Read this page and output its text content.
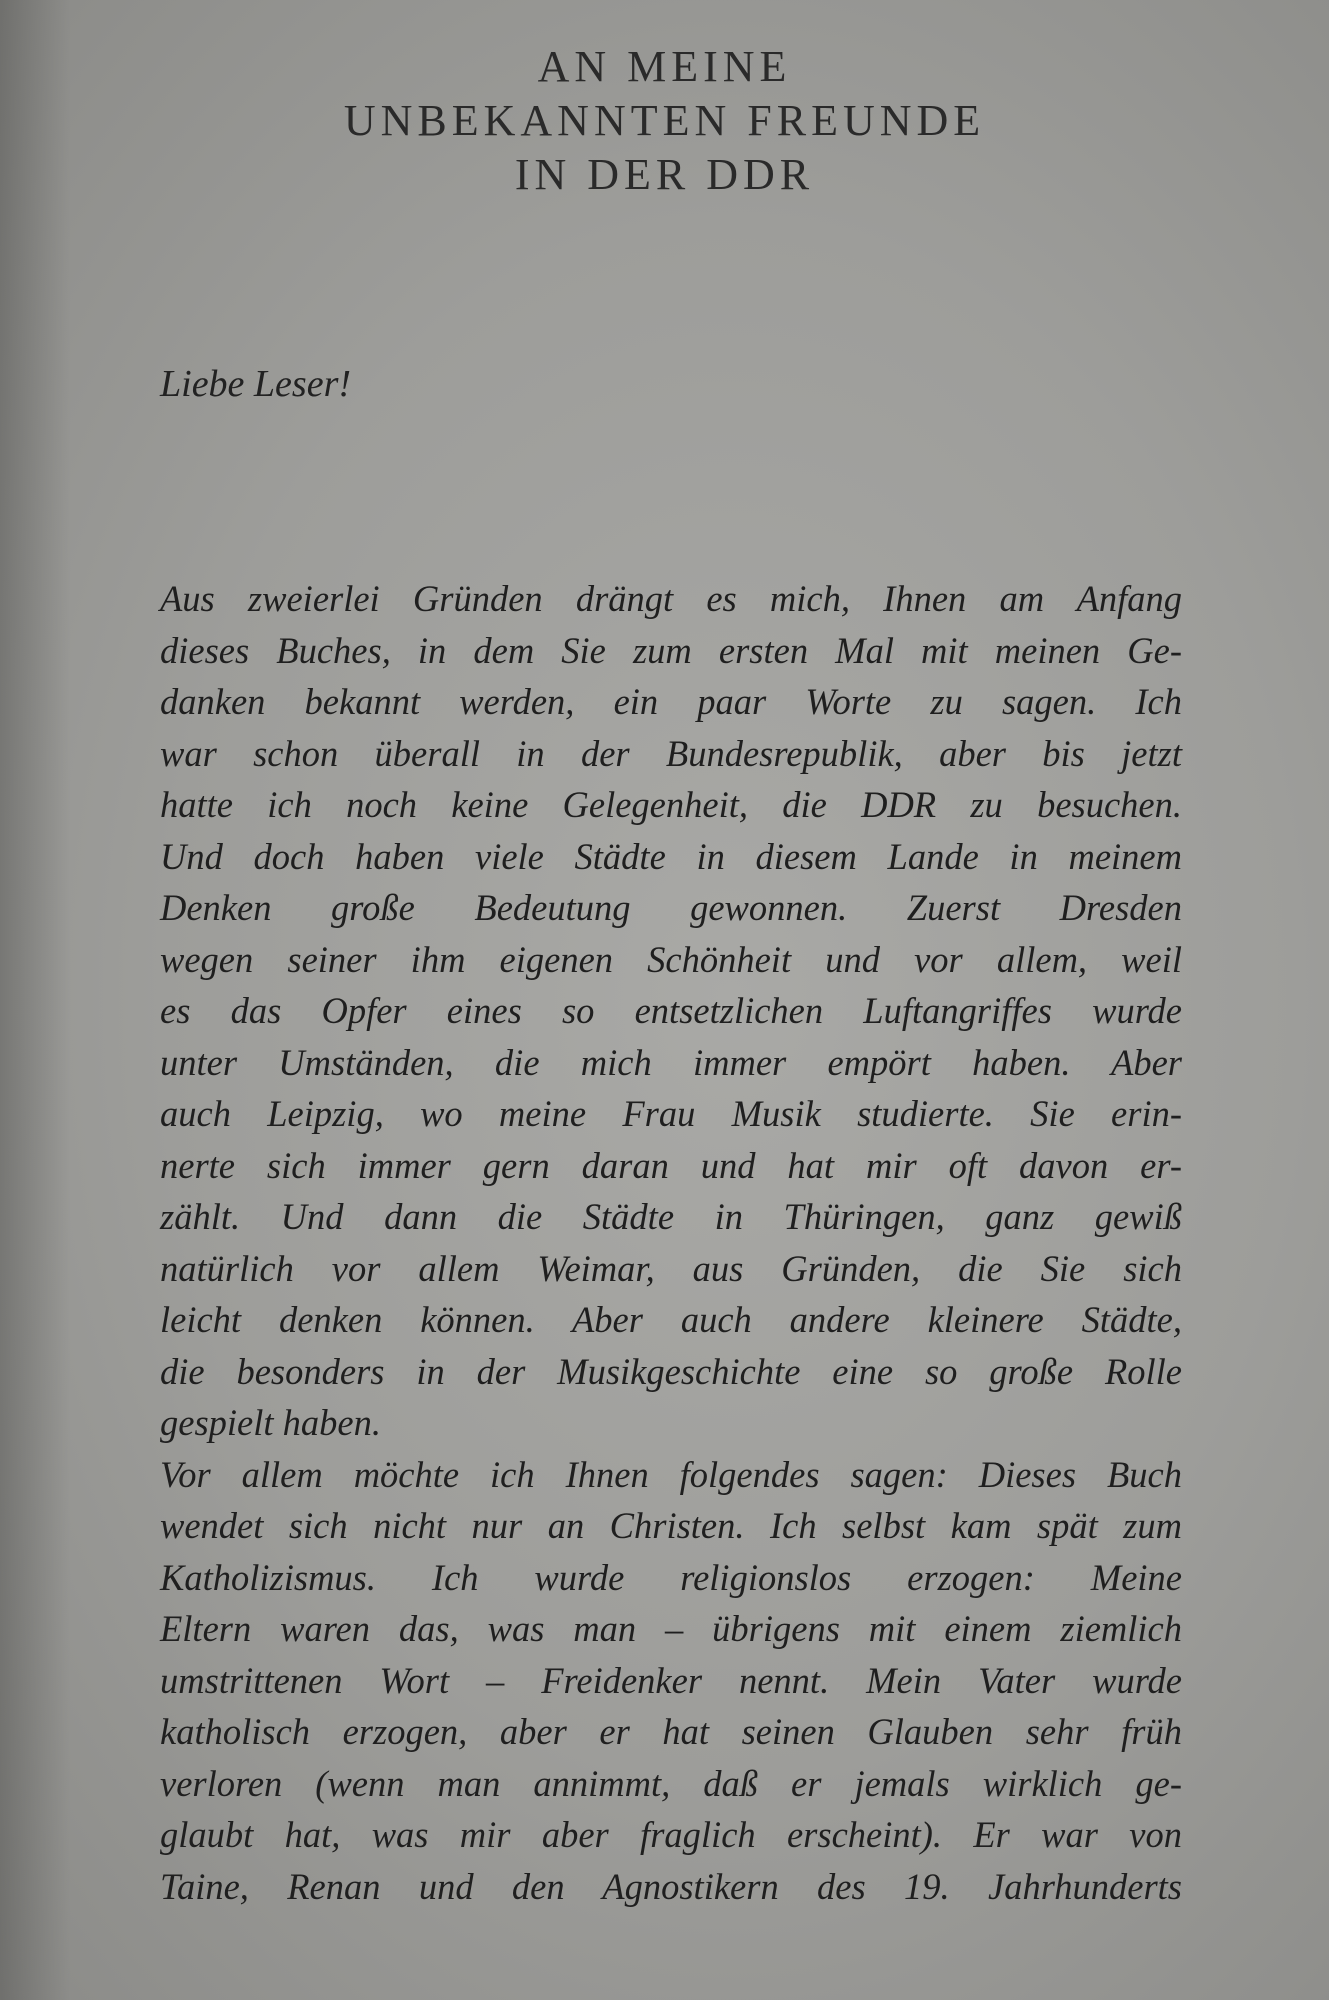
AN MEINE
UNBEKANNTEN FREUNDE
IN DER DDR
Liebe Leser!
Aus zweierlei Gründen drängt es mich, Ihnen am Anfang
dieses Buches, in dem Sie zum ersten Mal mit meinen Ge-
danken bekannt werden, ein paar Worte zu sagen. Ich
war schon überall in der Bundesrepublik, aber bis jetzt
hatte ich noch keine Gelegenheit, die DDR zu besuchen.
Und doch haben viele Städte in diesem Lande in meinem
Denken große Bedeutung gewonnen. Zuerst Dresden
wegen seiner ihm eigenen Schönheit und vor allem, weil
es das Opfer eines so entsetzlichen Luftangriffes wurde
unter Umständen, die mich immer empört haben. Aber
auch Leipzig, wo meine Frau Musik studierte. Sie erin-
nerte sich immer gern daran und hat mir oft davon er-
zählt. Und dann die Städte in Thüringen, ganz gewiß
natürlich vor allem Weimar, aus Gründen, die Sie sich
leicht denken können. Aber auch andere kleinere Städte,
die besonders in der Musikgeschichte eine so große Rolle
gespielt haben.
Vor allem möchte ich Ihnen folgendes sagen: Dieses Buch
wendet sich nicht nur an Christen. Ich selbst kam spät zum
Katholizismus. Ich wurde religionslos erzogen: Meine
Eltern waren das, was man – übrigens mit einem ziemlich
umstrittenen Wort – Freidenker nennt. Mein Vater wurde
katholisch erzogen, aber er hat seinen Glauben sehr früh
verloren (wenn man annimmt, daß er jemals wirklich ge-
glaubt hat, was mir aber fraglich erscheint). Er war von
Taine, Renan und den Agnostikern des 19. Jahrhunderts
